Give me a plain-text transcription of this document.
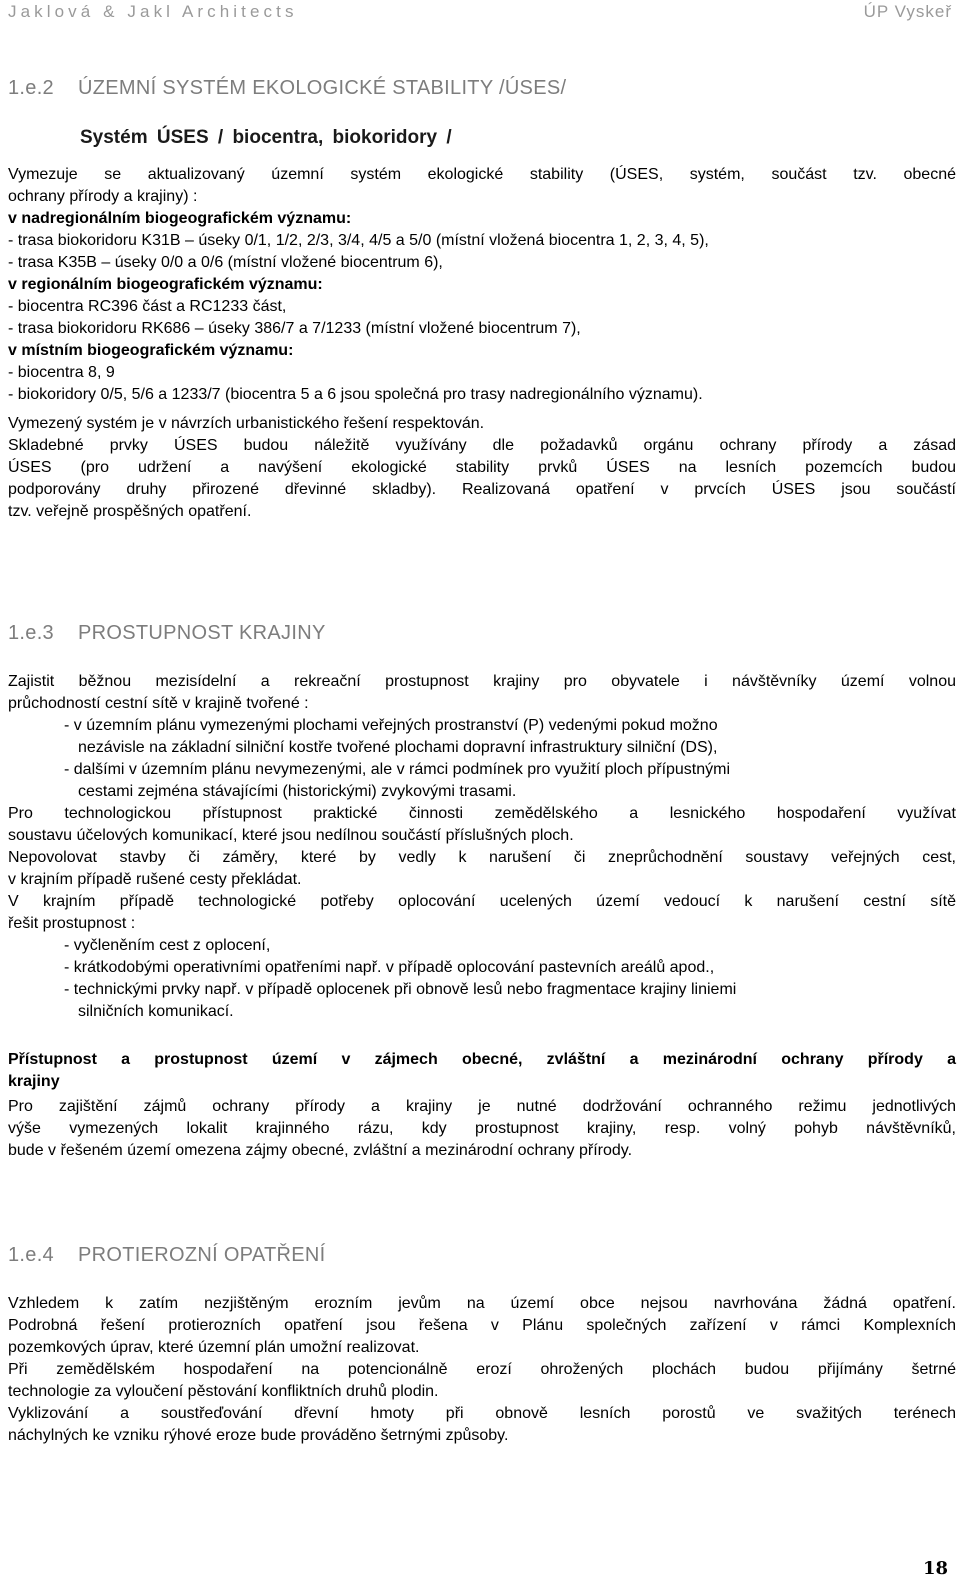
Jaklová & Jakl Architects	ÚP Vyskeř
1.e.2 ÚZEMNÍ SYSTÉM EKOLOGICKÉ STABILITY /ÚSES/
Systém ÚSES / biocentra, biokoridory /
Vymezuje se aktualizovaný územní systém ekologické stability (ÚSES, systém, součást tzv. obecné
ochrany přírody a krajiny) :
v nadregionálním biogeografickém významu:
- trasa biokoridoru K31B – úseky 0/1, 1/2, 2/3, 3/4, 4/5 a 5/0 (místní vložená biocentra 1, 2, 3, 4, 5),
- trasa K35B – úseky 0/0 a 0/6 (místní vložené biocentrum 6),
v regionálním biogeografickém významu:
- biocentra RC396 část a RC1233 část,
- trasa biokoridoru RK686 – úseky 386/7 a 7/1233 (místní vložené biocentrum 7),
v místním biogeografickém významu:
- biocentra 8, 9
- biokoridory 0/5, 5/6 a 1233/7 (biocentra 5 a 6 jsou společná pro trasy nadregionálního významu).
Vymezený systém je v návrzích urbanistického řešení respektován.
Skladebné prvky ÚSES budou náležitě využívány dle požadavků orgánu ochrany přírody a zásad
ÚSES (pro udržení a navýšení ekologické stability prvků ÚSES na lesních pozemcích budou
podporovány druhy přirozené dřevinné skladby). Realizovaná opatření v prvcích ÚSES jsou součástí
tzv. veřejně prospěšných opatření.
1.e.3 PROSTUPNOST KRAJINY
Zajistit běžnou mezisídelní a rekreační prostupnost krajiny pro obyvatele i návštěvníky území volnou
průchodností cestní sítě v krajině tvořené :
- v územním plánu vymezenými plochami veřejných prostranství (P) vedenými pokud možno
nezávisle na základní silniční kostře tvořené plochami dopravní infrastruktury silniční (DS),
- dalšími v územním plánu nevymezenými, ale v rámci podmínek pro využití ploch přípustnými
cestami zejména stávajícími (historickými) zvykovými trasami.
Pro technologickou přístupnost praktické činnosti zemědělského a lesnického hospodaření využívat
soustavu účelových komunikací, které jsou nedílnou součástí příslušných ploch.
Nepovolovat stavby či záměry, které by vedly k narušení či zneprůchodnění soustavy veřejných cest,
v krajním případě rušené cesty překládat.
V krajním případě technologické potřeby oplocování ucelených území vedoucí k narušení cestní sítě
řešit prostupnost :
- vyčleněním cest z oplocení,
- krátkodobými operativními opatřeními např. v případě oplocování pastevních areálů apod.,
- technickými prvky např. v případě oplocenek při obnově lesů nebo fragmentace krajiny liniemi
silničních komunikací.
Přístupnost a prostupnost území v zájmech obecné, zvláštní a mezinárodní ochrany přírody a
krajiny
Pro zajištění zájmů ochrany přírody a krajiny je nutné dodržování ochranného režimu jednotlivých
výše vymezených lokalit krajinného rázu, kdy prostupnost krajiny, resp. volný pohyb návštěvníků,
bude v řešeném území omezena zájmy obecné, zvláštní a mezinárodní ochrany přírody.
1.e.4 PROTIEROZNÍ OPATŘENÍ
Vzhledem k zatím nezjištěným erozním jevům na území obce nejsou navrhována žádná opatření.
Podrobná řešení protierozních opatření jsou řešena v Plánu společných zařízení v rámci Komplexních
pozemkových úprav, které územní plán umožní realizovat.
Při zemědělském hospodaření na potencionálně erozí ohrožených plochách budou přijímány šetrné
technologie za vyloučení pěstování konfliktních druhů plodin.
Vyklizování a soustřeďování dřevní hmoty při obnově lesních porostů ve svažitých terénech
náchylných ke vzniku rýhové eroze bude prováděno šetrnými způsoby.
18
